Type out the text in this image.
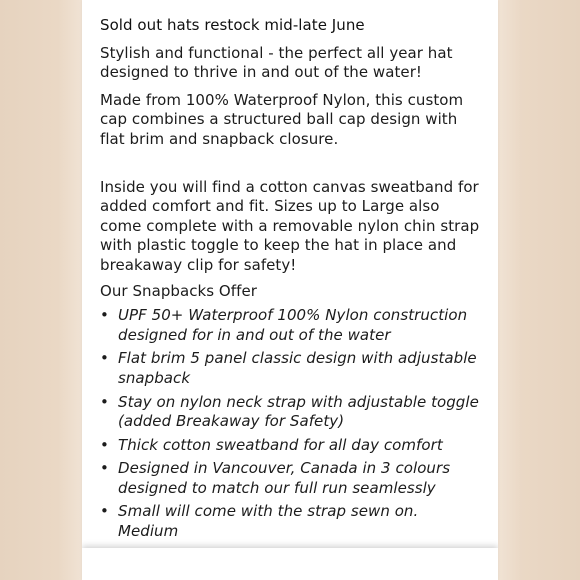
Sold out hats restock mid-late June

Stylish and functional - the perfect all year hat designed to thrive in and out of the water!

Made from 100% Waterproof Nylon, this custom cap combines a structured ball cap design with flat brim and snapback closure.

Inside you will find a cotton canvas sweatband for added comfort and fit. Sizes up to Large also come complete with a removable nylon chin strap with plastic toggle to keep the hat in place and breakaway clip for safety!

Our Snapbacks Offer

• UPF 50+ Waterproof 100% Nylon construction designed for in and out of the water
• Flat brim 5 panel classic design with adjustable snapback
• Stay on nylon neck strap with adjustable toggle (added Breakaway for Safety)
• Thick cotton sweatband for all day comfort
• Designed in Vancouver, Canada in 3 colours designed to match our full run seamlessly
• Small will come with the strap sewn on. Medium
